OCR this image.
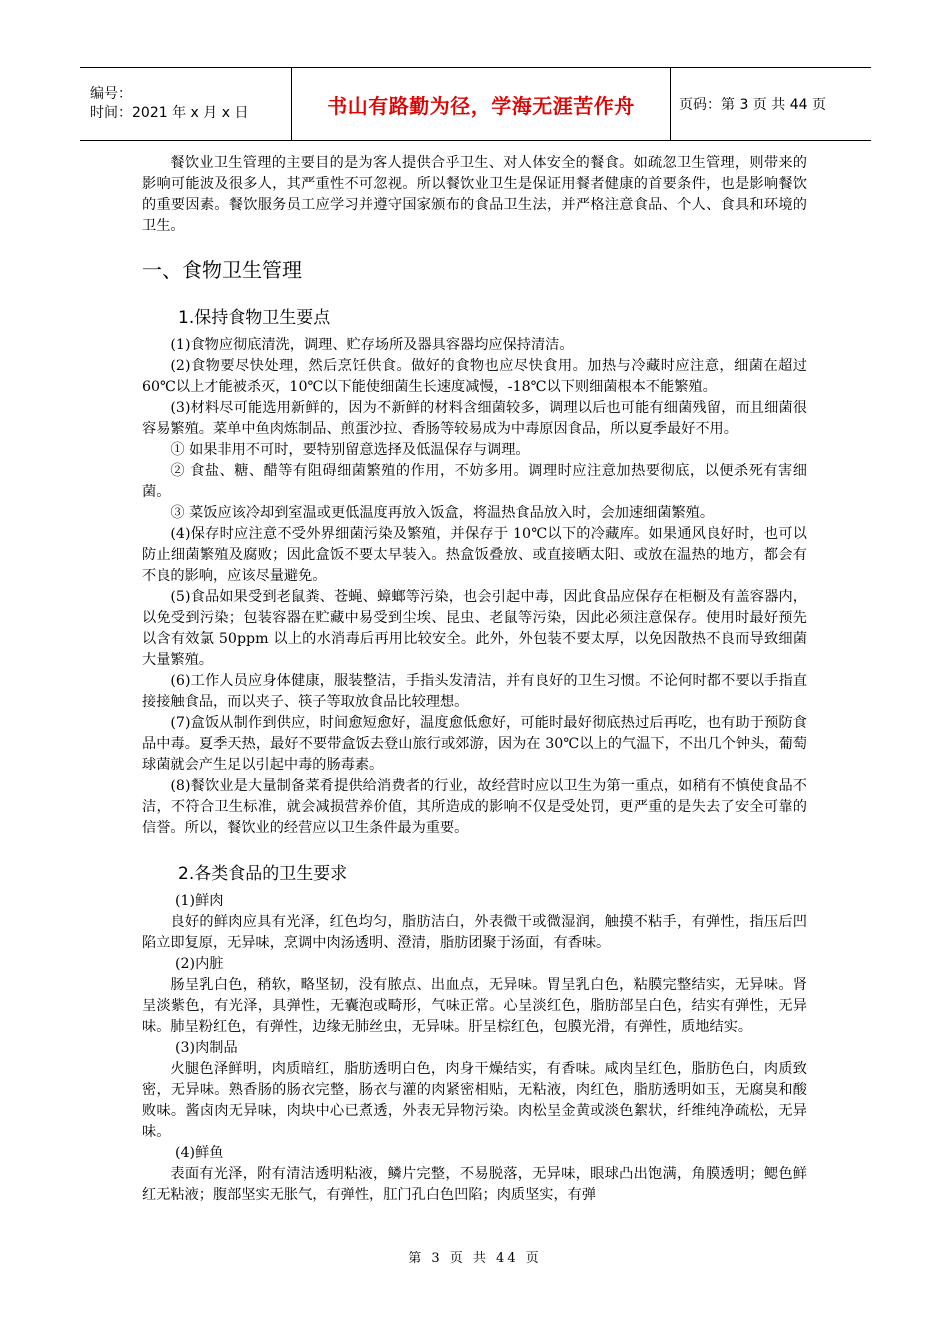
编号：
时间：2021 年 x 月 x 日	书山有路勤为径，学海无涯苦作舟	页码：第 3 页 共 44 页

餐饮业卫生管理的主要目的是为客人提供合乎卫生、对人体安全的餐食。如疏忽卫生管理，则带来的影响可能波及很多人，其严重性不可忽视。所以餐饮业卫生是保证用餐者健康的首要条件，也是影响餐饮的重要因素。餐饮服务员工应学习并遵守国家颁布的食品卫生法，并严格注意食品、个人、食具和环境的卫生。

一、食物卫生管理
1.保持食物卫生要点

(1)食物应彻底清洗，调理、贮存场所及器具容器均应保持清洁。

(2)食物要尽快处理，然后烹饪供食。做好的食物也应尽快食用。加热与冷藏时应注意，细菌在超过 60℃以上才能被杀灭，10℃以下能使细菌生长速度减慢，-18℃以下则细菌根本不能繁殖。

(3)材料尽可能选用新鲜的，因为不新鲜的材料含细菌较多，调理以后也可能有细菌残留，而且细菌很容易繁殖。菜单中鱼肉炼制品、煎蛋沙拉、香肠等较易成为中毒原因食品，所以夏季最好不用。

① 如果非用不可时，要特别留意选择及低温保存与调理。

② 食盐、糖、醋等有阻碍细菌繁殖的作用，不妨多用。调理时应注意加热要彻底，以便杀死有害细菌。

③ 菜饭应该冷却到室温或更低温度再放入饭盒，将温热食品放入时，会加速细菌繁殖。

(4)保存时应注意不受外界细菌污染及繁殖，并保存于 10℃以下的冷藏库。如果通风良好时，也可以防止细菌繁殖及腐败；因此盒饭不要太早装入。热盒饭叠放、或直接晒太阳、或放在温热的地方，都会有不良的影响，应该尽量避免。

(5)食品如果受到老鼠粪、苍蝇、蟑螂等污染，也会引起中毒，因此食品应保存在柜橱及有盖容器内，以免受到污染；包装容器在贮藏中易受到尘埃、昆虫、老鼠等污染，因此必须注意保存。使用时最好预先以含有效氯 50ppm 以上的水消毒后再用比较安全。此外，外包装不要太厚，以免因散热不良而导致细菌大量繁殖。

(6)工作人员应身体健康，服装整洁，手指头发清洁，并有良好的卫生习惯。不论何时都不要以手指直接接触食品，而以夹子、筷子等取放食品比较理想。

(7)盒饭从制作到供应，时间愈短愈好，温度愈低愈好，可能时最好彻底热过后再吃，也有助于预防食品中毒。夏季天热，最好不要带盒饭去登山旅行或郊游，因为在 30℃以上的气温下，不出几个钟头，葡萄球菌就会产生足以引起中毒的肠毒素。

(8)餐饮业是大量制备菜肴提供给消费者的行业，故经营时应以卫生为第一重点，如稍有不慎使食品不洁，不符合卫生标准，就会减损营养价值，其所造成的影响不仅是受处罚，更严重的是失去了安全可靠的信誉。所以，餐饮业的经营应以卫生条件最为重要。

2.各类食品的卫生要求

(1)鲜肉

良好的鲜肉应具有光泽，红色均匀，脂肪洁白，外表微干或微湿润，触摸不粘手，有弹性，指压后凹陷立即复原，无异味，烹调中肉汤透明、澄清，脂肪团聚于汤面，有香味。

(2)内脏

肠呈乳白色，稍软，略坚韧，没有脓点、出血点，无异味。胃呈乳白色，粘膜完整结实，无异味。肾呈淡紫色，有光泽，具弹性，无囊泡或畸形，气味正常。心呈淡红色，脂肪部呈白色，结实有弹性，无异味。肺呈粉红色，有弹性，边缘无肺丝虫，无异味。肝呈棕红色，包膜光滑，有弹性，质地结实。

(3)肉制品

火腿色泽鲜明，肉质暗红，脂肪透明白色，肉身干燥结实，有香味。咸肉呈红色，脂肪色白，肉质致密，无异味。熟香肠的肠衣完整，肠衣与灌的肉紧密相贴，无粘液，肉红色，脂肪透明如玉，无腐臭和酸败味。酱卤肉无异味，肉块中心已煮透，外表无异物污染。肉松呈金黄或淡色絮状，纤维纯净疏松，无异味。

(4)鲜鱼

表面有光泽，附有清洁透明粘液，鳞片完整，不易脱落，无异味，眼球凸出饱满，角膜透明；鳃色鲜红无粘液；腹部坚实无胀气，有弹性，肛门孔白色凹陷；肉质坚实，有弹

第 3 页 共 44 页
